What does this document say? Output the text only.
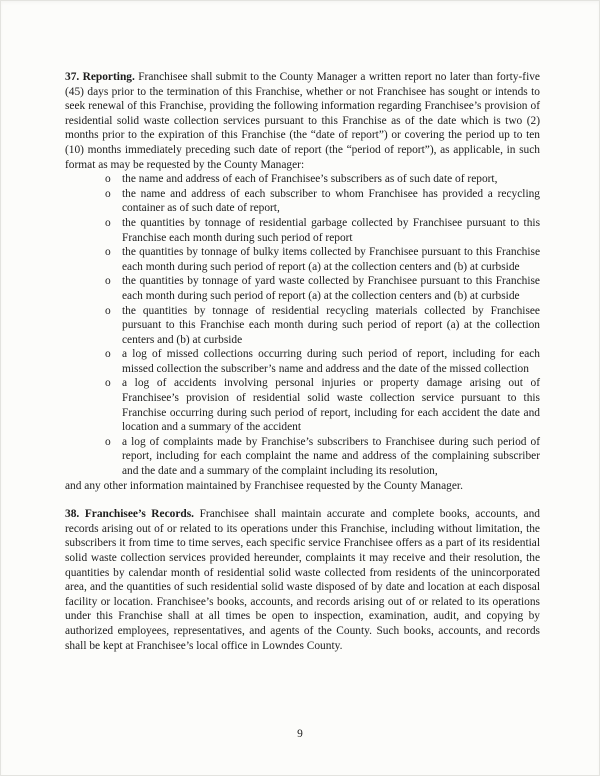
37. Reporting. Franchisee shall submit to the County Manager a written report no later than forty-five (45) days prior to the termination of this Franchise, whether or not Franchisee has sought or intends to seek renewal of this Franchise, providing the following information regarding Franchisee’s provision of residential solid waste collection services pursuant to this Franchise as of the date which is two (2) months prior to the expiration of this Franchise (the “date of report”) or covering the period up to ten (10) months immediately preceding such date of report (the “period of report”), as applicable, in such format as may be requested by the County Manager:
o the name and address of each of Franchisee’s subscribers as of such date of report,
o the name and address of each subscriber to whom Franchisee has provided a recycling container as of such date of report,
o the quantities by tonnage of residential garbage collected by Franchisee pursuant to this Franchise each month during such period of report
o the quantities by tonnage of bulky items collected by Franchisee pursuant to this Franchise each month during such period of report (a) at the collection centers and (b) at curbside
o the quantities by tonnage of yard waste collected by Franchisee pursuant to this Franchise each month during such period of report (a) at the collection centers and (b) at curbside
o the quantities by tonnage of residential recycling materials collected by Franchisee pursuant to this Franchise each month during such period of report (a) at the collection centers and (b) at curbside
o a log of missed collections occurring during such period of report, including for each missed collection the subscriber’s name and address and the date of the missed collection
o a log of accidents involving personal injuries or property damage arising out of Franchisee’s provision of residential solid waste collection service pursuant to this Franchise occurring during such period of report, including for each accident the date and location and a summary of the accident
o a log of complaints made by Franchise’s subscribers to Franchisee during such period of report, including for each complaint the name and address of the complaining subscriber and the date and a summary of the complaint including its resolution,
and any other information maintained by Franchisee requested by the County Manager.
38. Franchisee’s Records. Franchisee shall maintain accurate and complete books, accounts, and records arising out of or related to its operations under this Franchise, including without limitation, the subscribers it from time to time serves, each specific service Franchisee offers as a part of its residential solid waste collection services provided hereunder, complaints it may receive and their resolution, the quantities by calendar month of residential solid waste collected from residents of the unincorporated area, and the quantities of such residential solid waste disposed of by date and location at each disposal facility or location. Franchisee’s books, accounts, and records arising out of or related to its operations under this Franchise shall at all times be open to inspection, examination, audit, and copying by authorized employees, representatives, and agents of the County. Such books, accounts, and records shall be kept at Franchisee’s local office in Lowndes County.
9
